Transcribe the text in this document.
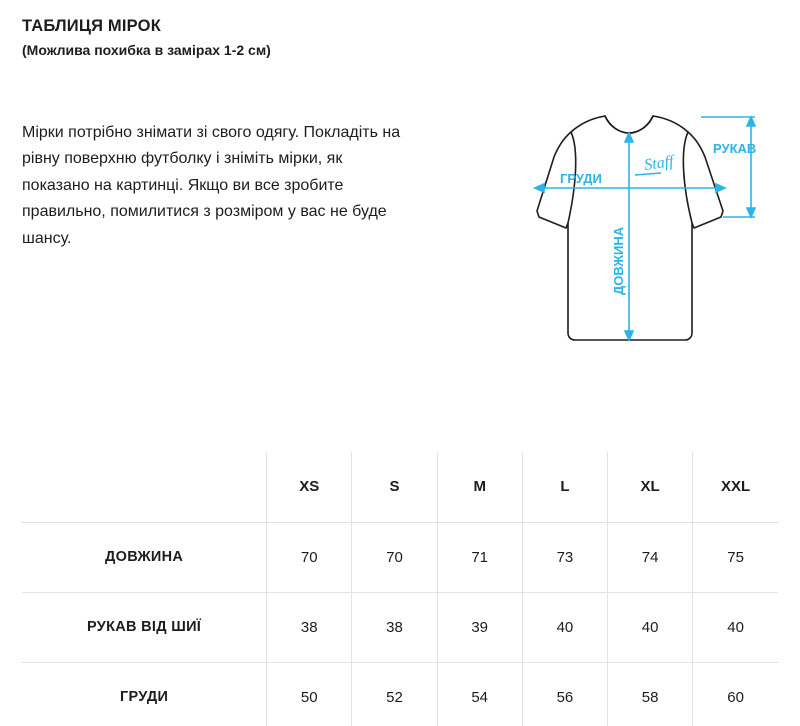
ТАБЛИЦЯ МІРОК

(Можлива похибка в замірах 1-2 см)

Мірки потрібно знімати зі свого одягу. Покладіть на рівну поверхню футболку і зніміть мірки, як показано на картинці. Якщо ви все зробите правильно, помилитися з розміром у вас не буде шансу.
Staff
ГРУДИ
ДОВЖИНА
РУКАВ
	XS	S	M	L	XL	XXL
ДОВЖИНА	70	70	71	73	74	75
РУКАВ ВІД ШИЇ	38	38	39	40	40	40
ГРУДИ	50	52	54	56	58	60
